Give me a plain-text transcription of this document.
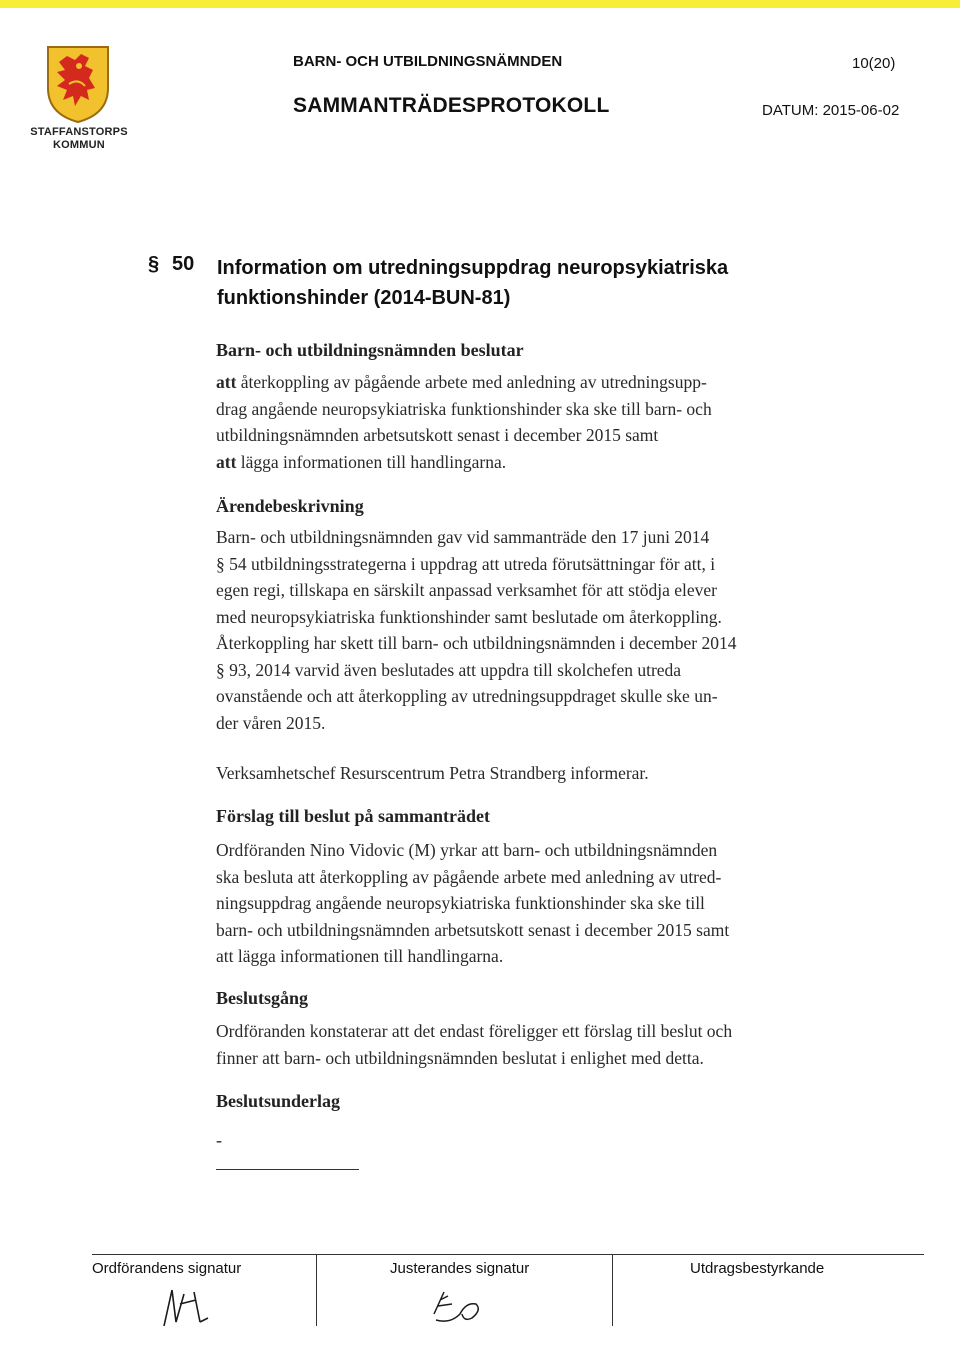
STAFFANSTORPS
KOMMUN
BARN- OCH UTBILDNINGSNÄMNDEN	10(20)
SAMMANTRÄDESPROTOKOLL	DATUM: 2015-06-02
§ 50 Information om utredningsuppdrag neuropsykiatriska
funktionshinder (2014-BUN-81)
Barn- och utbildningsnämnden beslutar
att återkoppling av pågående arbete med anledning av utredningsupp-
drag angående neuropsykiatriska funktionshinder ska ske till barn- och
utbildningsnämnden arbetsutskott senast i december 2015 samt
att lägga informationen till handlingarna.
Ärendebeskrivning
Barn- och utbildningsnämnden gav vid sammanträde den 17 juni 2014
§ 54 utbildningsstrategerna i uppdrag att utreda förutsättningar för att, i
egen regi, tillskapa en särskilt anpassad verksamhet för att stödja elever
med neuropsykiatriska funktionshinder samt beslutade om återkoppling.
Återkoppling har skett till barn- och utbildningsnämnden i december 2014
§ 93, 2014 varvid även beslutades att uppdra till skolchefen utreda
ovanstående och att återkoppling av utredningsuppdraget skulle ske un-
der våren 2015.
Verksamhetschef Resurscentrum Petra Strandberg informerar.
Förslag till beslut på sammanträdet
Ordföranden Nino Vidovic (M) yrkar att barn- och utbildningsnämnden
ska besluta att återkoppling av pågående arbete med anledning av utred-
ningsuppdrag angående neuropsykiatriska funktionshinder ska ske till
barn- och utbildningsnämnden arbetsutskott senast i december 2015 samt
att lägga informationen till handlingarna.
Beslutsgång
Ordföranden konstaterar att det endast föreligger ett förslag till beslut och
finner att barn- och utbildningsnämnden beslutat i enlighet med detta.
Beslutsunderlag
-
Ordförandens signatur	Justerandes signatur	Utdragsbestyrkande
